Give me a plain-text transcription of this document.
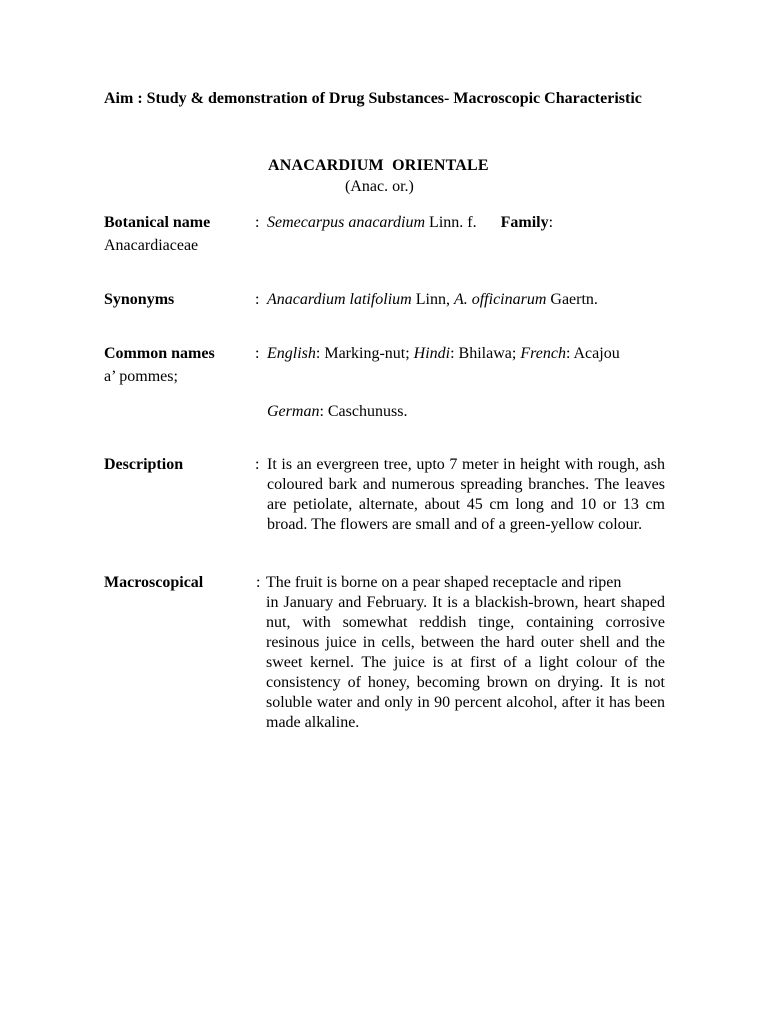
Aim : Study & demonstration of Drug Substances- Macroscopic Characteristic
ANACARDIUM  ORIENTALE
(Anac. or.)
Botanical name	: Semecarpus anacardium Linn. f. Family:
Anacardiaceae
Synonyms	: Anacardium latifolium Linn, A. officinarum Gaertn.
Common names	: English: Marking-nut; Hindi: Bhilawa; French: Acajou
a’ pommes;
German: Caschunuss.
Description	: It is an evergreen tree, upto 7 meter in height with rough, ash coloured bark and numerous spreading branches. The leaves are petiolate, alternate, about 45 cm long and 10 or 13 cm broad. The flowers are small and of a green-yellow colour.
Macroscopical	: The fruit is borne on a pear shaped receptacle and ripen
in January and February. It is a blackish-brown, heart shaped nut, with somewhat reddish tinge, containing corrosive resinous juice in cells, between the hard outer shell and the sweet kernel. The juice is at first of a light colour of the consistency of honey, becoming brown on drying. It is not soluble water and only in 90 percent alcohol, after it has been made alkaline.
